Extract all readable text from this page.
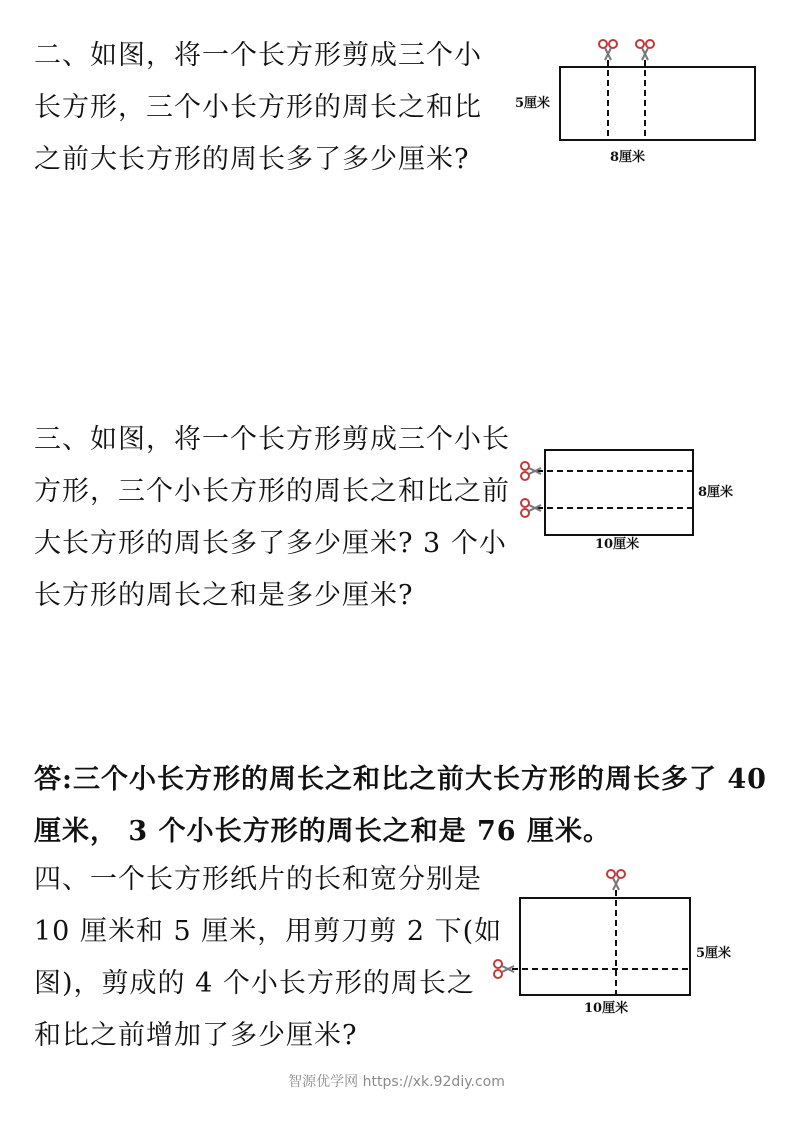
二、如图，将一个长方形剪成三个小
长方形，三个小长方形的周长之和比
之前大长方形的周长多了多少厘米?
5厘米
8厘米
三、如图，将一个长方形剪成三个小长
方形，三个小长方形的周长之和比之前
大长方形的周长多了多少厘米? 3 个小
长方形的周长之和是多少厘米?
8厘米
10厘米
答:三个小长方形的周长之和比之前大长方形的周长多了 40
厘米， 3 个小长方形的周长之和是 76 厘米。
四、一个长方形纸片的长和宽分别是
10 厘米和 5 厘米，用剪刀剪 2 下(如
图)，剪成的 4 个小长方形的周长之
和比之前增加了多少厘米?
5厘米
10厘米
智源优学网 https://xk.92diy.com
